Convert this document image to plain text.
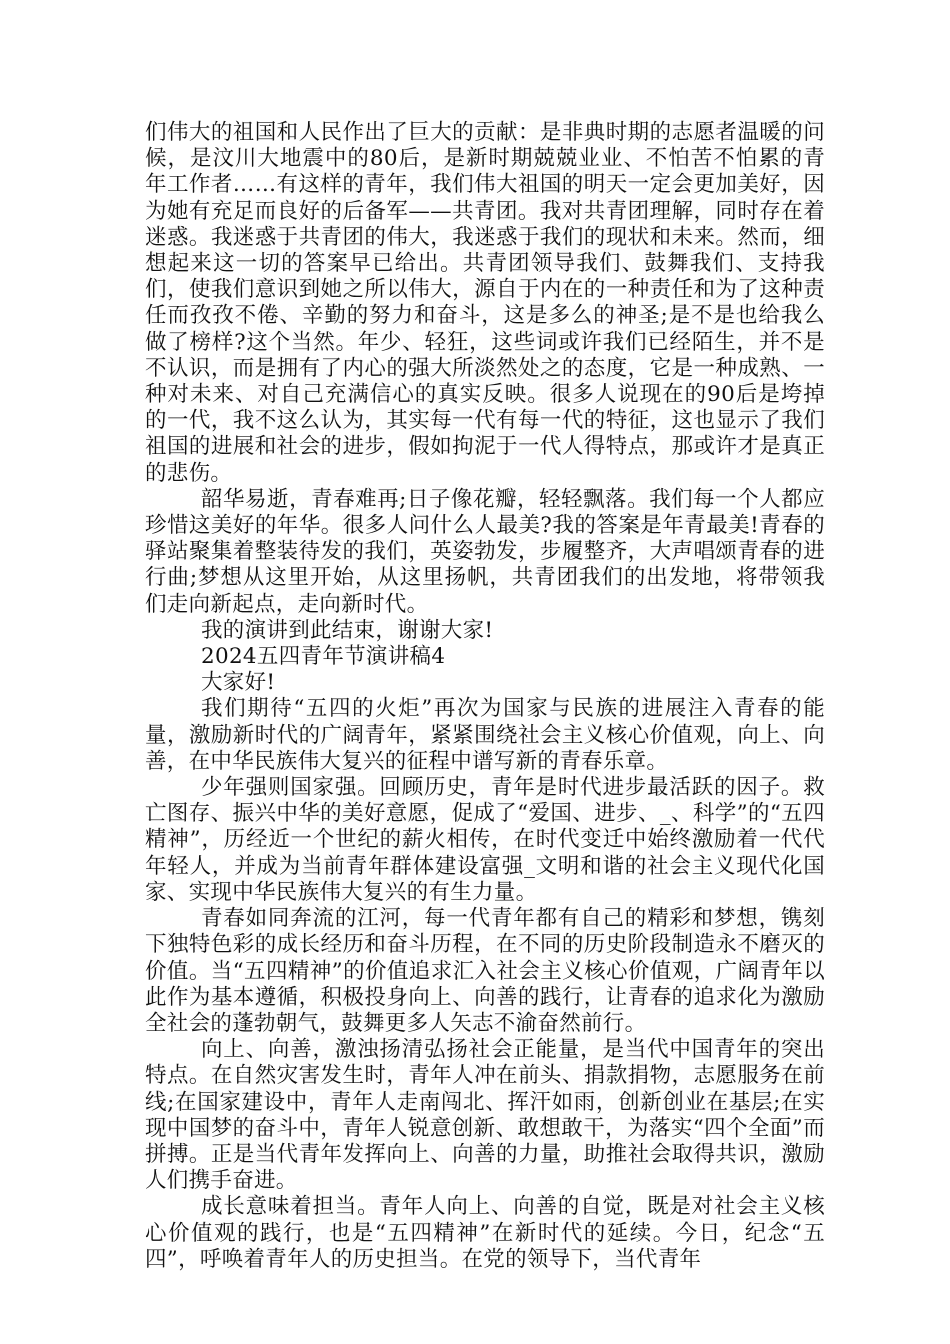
们伟大的祖国和人民作出了巨大的贡献：是非典时期的志愿者温暖的问候，是汶川大地震中的80后，是新时期兢兢业业、不怕苦不怕累的青年工作者……有这样的青年，我们伟大祖国的明天一定会更加美好，因为她有充足而良好的后备军——共青团。我对共青团理解，同时存在着迷惑。我迷惑于共青团的伟大，我迷惑于我们的现状和未来。然而，细想起来这一切的答案早已给出。共青团领导我们、鼓舞我们、支持我们，使我们意识到她之所以伟大，源自于内在的一种责任和为了这种责任而孜孜不倦、辛勤的努力和奋斗，这是多么的神圣;是不是也给我么做了榜样?这个当然。年少、轻狂，这些词或许我们已经陌生，并不是不认识，而是拥有了内心的强大所淡然处之的态度，它是一种成熟、一种对未来、对自己充满信心的真实反映。很多人说现在的90后是垮掉的一代，我不这么认为，其实每一代有每一代的特征，这也显示了我们祖国的进展和社会的进步，假如拘泥于一代人得特点，那或许才是真正的悲伤。

韶华易逝，青春难再;日子像花瓣，轻轻飘落。我们每一个人都应珍惜这美好的年华。很多人问什么人最美?我的答案是年青最美!青春的驿站聚集着整装待发的我们，英姿勃发，步履整齐，大声唱颂青春的进行曲;梦想从这里开始，从这里扬帆，共青团我们的出发地，将带领我们走向新起点，走向新时代。

我的演讲到此结束，谢谢大家!

2024五四青年节演讲稿4

大家好!

我们期待“五四的火炬”再次为国家与民族的进展注入青春的能量，激励新时代的广阔青年，紧紧围绕社会主义核心价值观，向上、向善，在中华民族伟大复兴的征程中谱写新的青春乐章。

少年强则国家强。回顾历史，青年是时代进步最活跃的因子。救亡图存、振兴中华的美好意愿，促成了“爱国、进步、_、科学”的“五四精神”，历经近一个世纪的薪火相传，在时代变迁中始终激励着一代代年轻人，并成为当前青年群体建设富强_文明和谐的社会主义现代化国家、实现中华民族伟大复兴的有生力量。

青春如同奔流的江河，每一代青年都有自己的精彩和梦想，镌刻下独特色彩的成长经历和奋斗历程，在不同的历史阶段制造永不磨灭的价值。当“五四精神”的价值追求汇入社会主义核心价值观，广阔青年以此作为基本遵循，积极投身向上、向善的践行，让青春的追求化为激励全社会的蓬勃朝气，鼓舞更多人矢志不渝奋然前行。

向上、向善，激浊扬清弘扬社会正能量，是当代中国青年的突出特点。在自然灾害发生时，青年人冲在前头、捐款捐物，志愿服务在前线;在国家建设中，青年人走南闯北、挥汗如雨，创新创业在基层;在实现中国梦的奋斗中，青年人锐意创新、敢想敢干，为落实“四个全面”而拼搏。正是当代青年发挥向上、向善的力量，助推社会取得共识，激励人们携手奋进。

成长意味着担当。青年人向上、向善的自觉，既是对社会主义核心价值观的践行，也是“五四精神”在新时代的延续。今日，纪念“五四”，呼唤着青年人的历史担当。在党的领导下，当代青年
